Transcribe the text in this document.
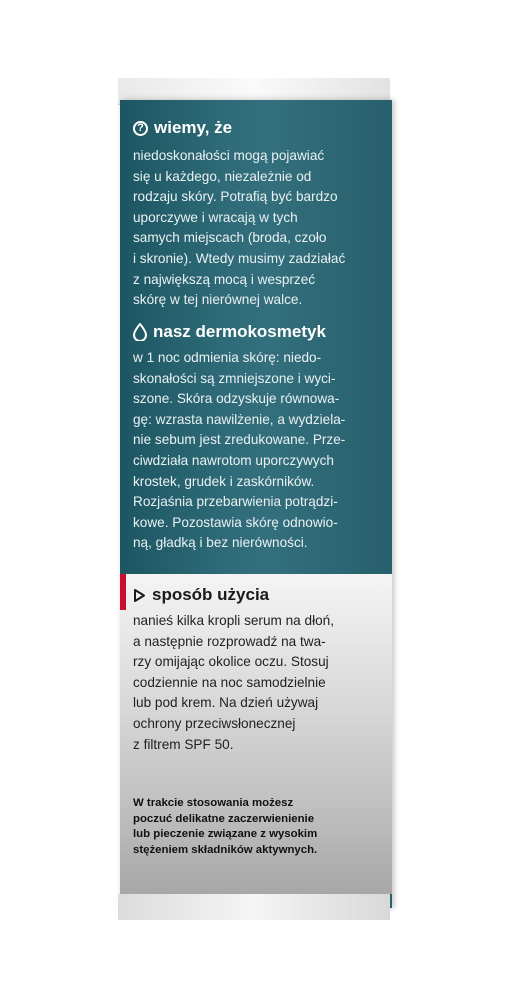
? wiemy, że

niedoskonałości mogą pojawiać

się u każdego, niezależnie od

rodzaju skóry. Potrafią być bardzo

uporczywe i wracają w tych

samych miejscach (broda, czoło

i skronie). Wtedy musimy zadziałać

z największą mocą i wesprzeć

skórę w tej nierównej walce.

nasz dermokosmetyk

w 1 noc odmienia skórę: niedo-

skonałości są zmniejszone i wyci-

szone. Skóra odzyskuje równowa-

gę: wzrasta nawilżenie, a wydziela-

nie sebum jest zredukowane. Prze-

ciwdziała nawrotom uporczywych

krostek, grudek i zaskórników.

Rozjaśnia przebarwienia potrądzi-

kowe. Pozostawia skórę odnowio-

ną, gładką i bez nierówności.

sposób użycia

nanieś kilka kropli serum na dłoń,

a następnie rozprowadź na twa-

rzy omijając okolice oczu. Stosuj

codziennie na noc samodzielnie

lub pod krem. Na dzień używaj

ochrony przeciwsłonecznej

z filtrem SPF 50.

W trakcie stosowania możesz

poczuć delikatne zaczerwienienie

lub pieczenie związane z wysokim

stężeniem składników aktywnych.
